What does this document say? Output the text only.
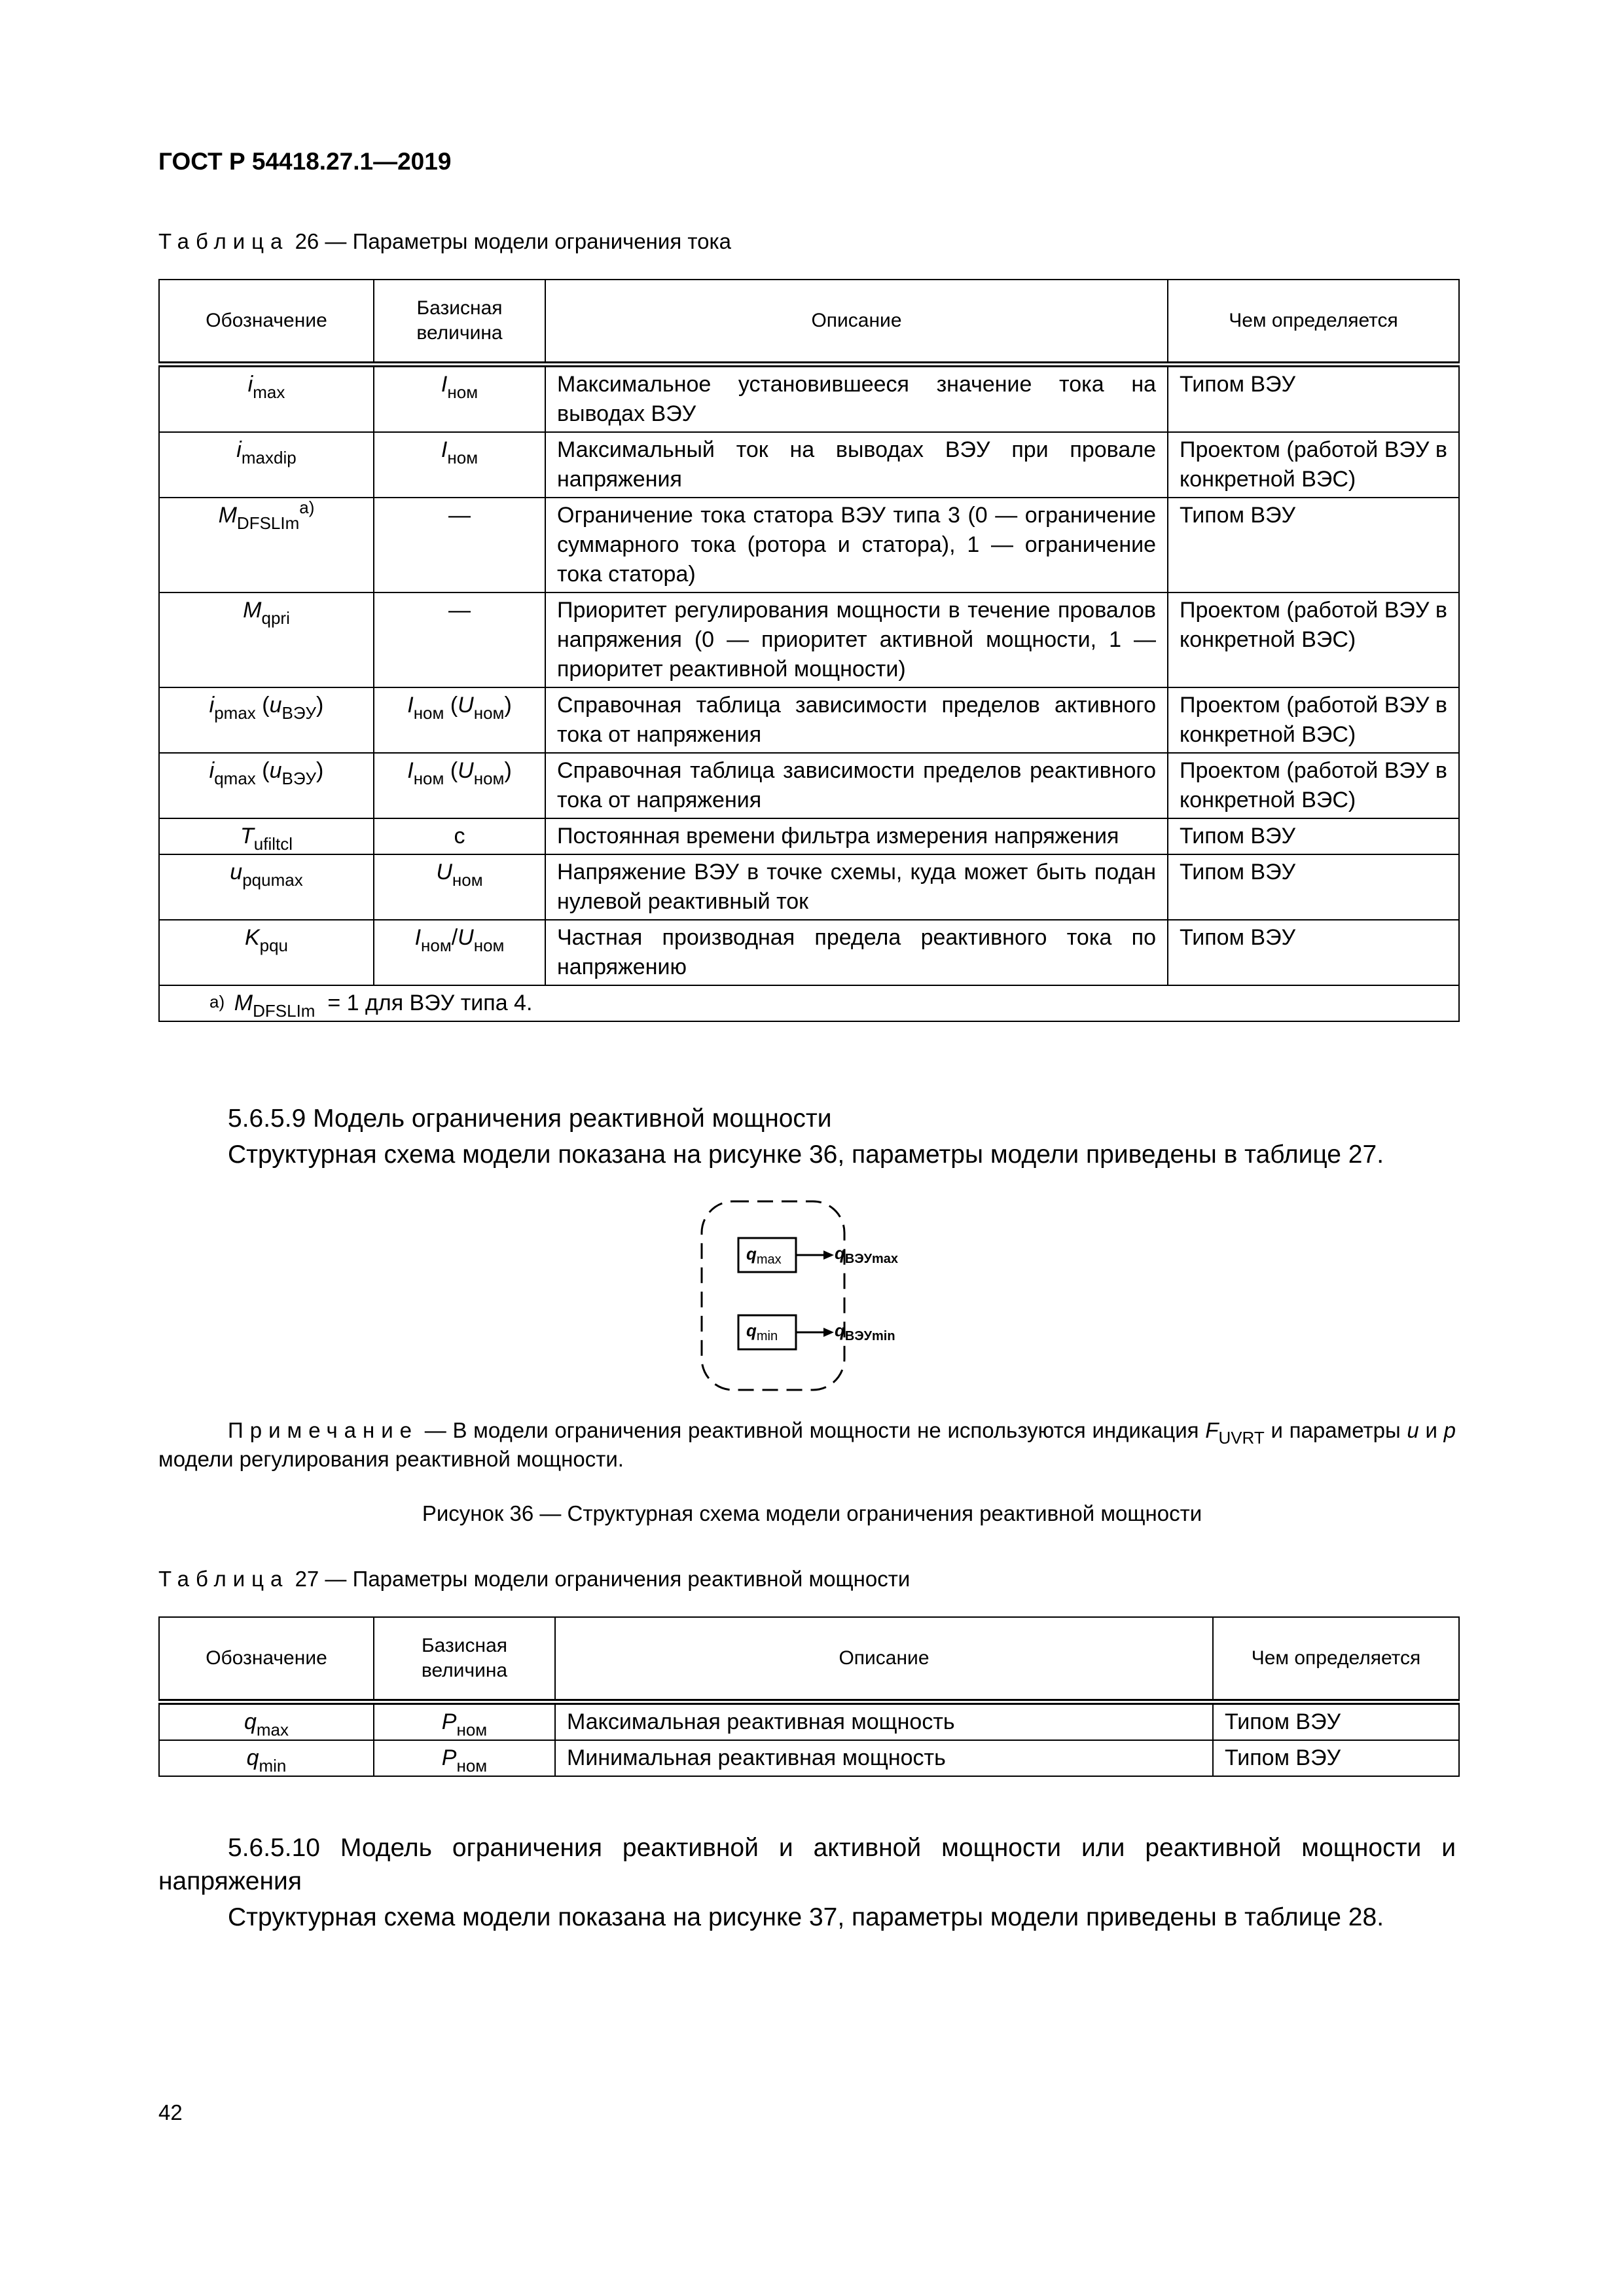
ГОСТ Р 54418.27.1—2019
Таблица 26 — Параметры модели ограничения тока
Обозначение	Базисная величина	Описание	Чем определяется
$i_{max}$	$I_{ном}$	Максимальное установившееся значение тока на выводах ВЭУ	Типом ВЭУ
$i_{maxdip}$	$I_{ном}$	Максимальный ток на выводах ВЭУ при провале напряжения	Проектом (работой ВЭУ в конкретной ВЭС)
$M_{DFSLIm}^{а)}$	—	Ограничение тока статора ВЭУ типа 3 (0 — ограничение суммарного тока (ротора и статора), 1 — ограничение тока статора)	Типом ВЭУ
$M_{qpri}$	—	Приоритет регулирования мощности в течение провалов напряжения (0 — приоритет активной мощности, 1 — приоритет реактивной мощности)	Проектом (работой ВЭУ в конкретной ВЭС)
$i_{pmax}$ $(u_{ВЭУ})$	$I_{ном}$ $(U_{ном})$	Справочная таблица зависимости пределов активного тока от напряжения	Проектом (работой ВЭУ в конкретной ВЭС)
$i_{qmax}$ $(u_{ВЭУ})$	$I_{ном}$ $(U_{ном})$	Справочная таблица зависимости пределов реактивного тока от напряжения	Проектом (работой ВЭУ в конкретной ВЭС)
$T_{ufiltcl}$	с	Постоянная времени фильтра измерения напряжения	Типом ВЭУ
$u_{pqumax}$	$U_{ном}$	Напряжение ВЭУ в точке схемы, куда может быть подан нулевой реактивный ток	Типом ВЭУ
$K_{pqu}$	$I_{ном}/U_{ном}$	Частная производная предела реактивного тока по напряжению	Типом ВЭУ

а) $M_{DFSLIm} = 1$ для ВЭУ типа 4.			
5.6.5.9 Модель ограничения реактивной мощности
Структурная схема модели показана на рисунке 36, параметры модели приведены в таблице 27.
$q_{max}$	$q_{ВЭУmax}$
$q_{min}$	$q_{ВЭУmin}$
Примечание — В модели ограничения реактивной мощности не используются индикация $F_{UVRT}$ и параметры u и p модели регулирования реактивной мощности.
Рисунок 36 — Структурная схема модели ограничения реактивной мощности
Таблица 27 — Параметры модели ограничения реактивной мощности
Обозначение	Базисная величина	Описание	Чем определяется
$q_{max}$	$P_{ном}$	Максимальная реактивная мощность	Типом ВЭУ
$q_{min}$	$P_{ном}$	Минимальная реактивная мощность	Типом ВЭУ
5.6.5.10 Модель ограничения реактивной и активной мощности или реактивной мощности и напряжения
Структурная схема модели показана на рисунке 37, параметры модели приведены в таблице 28.
42
